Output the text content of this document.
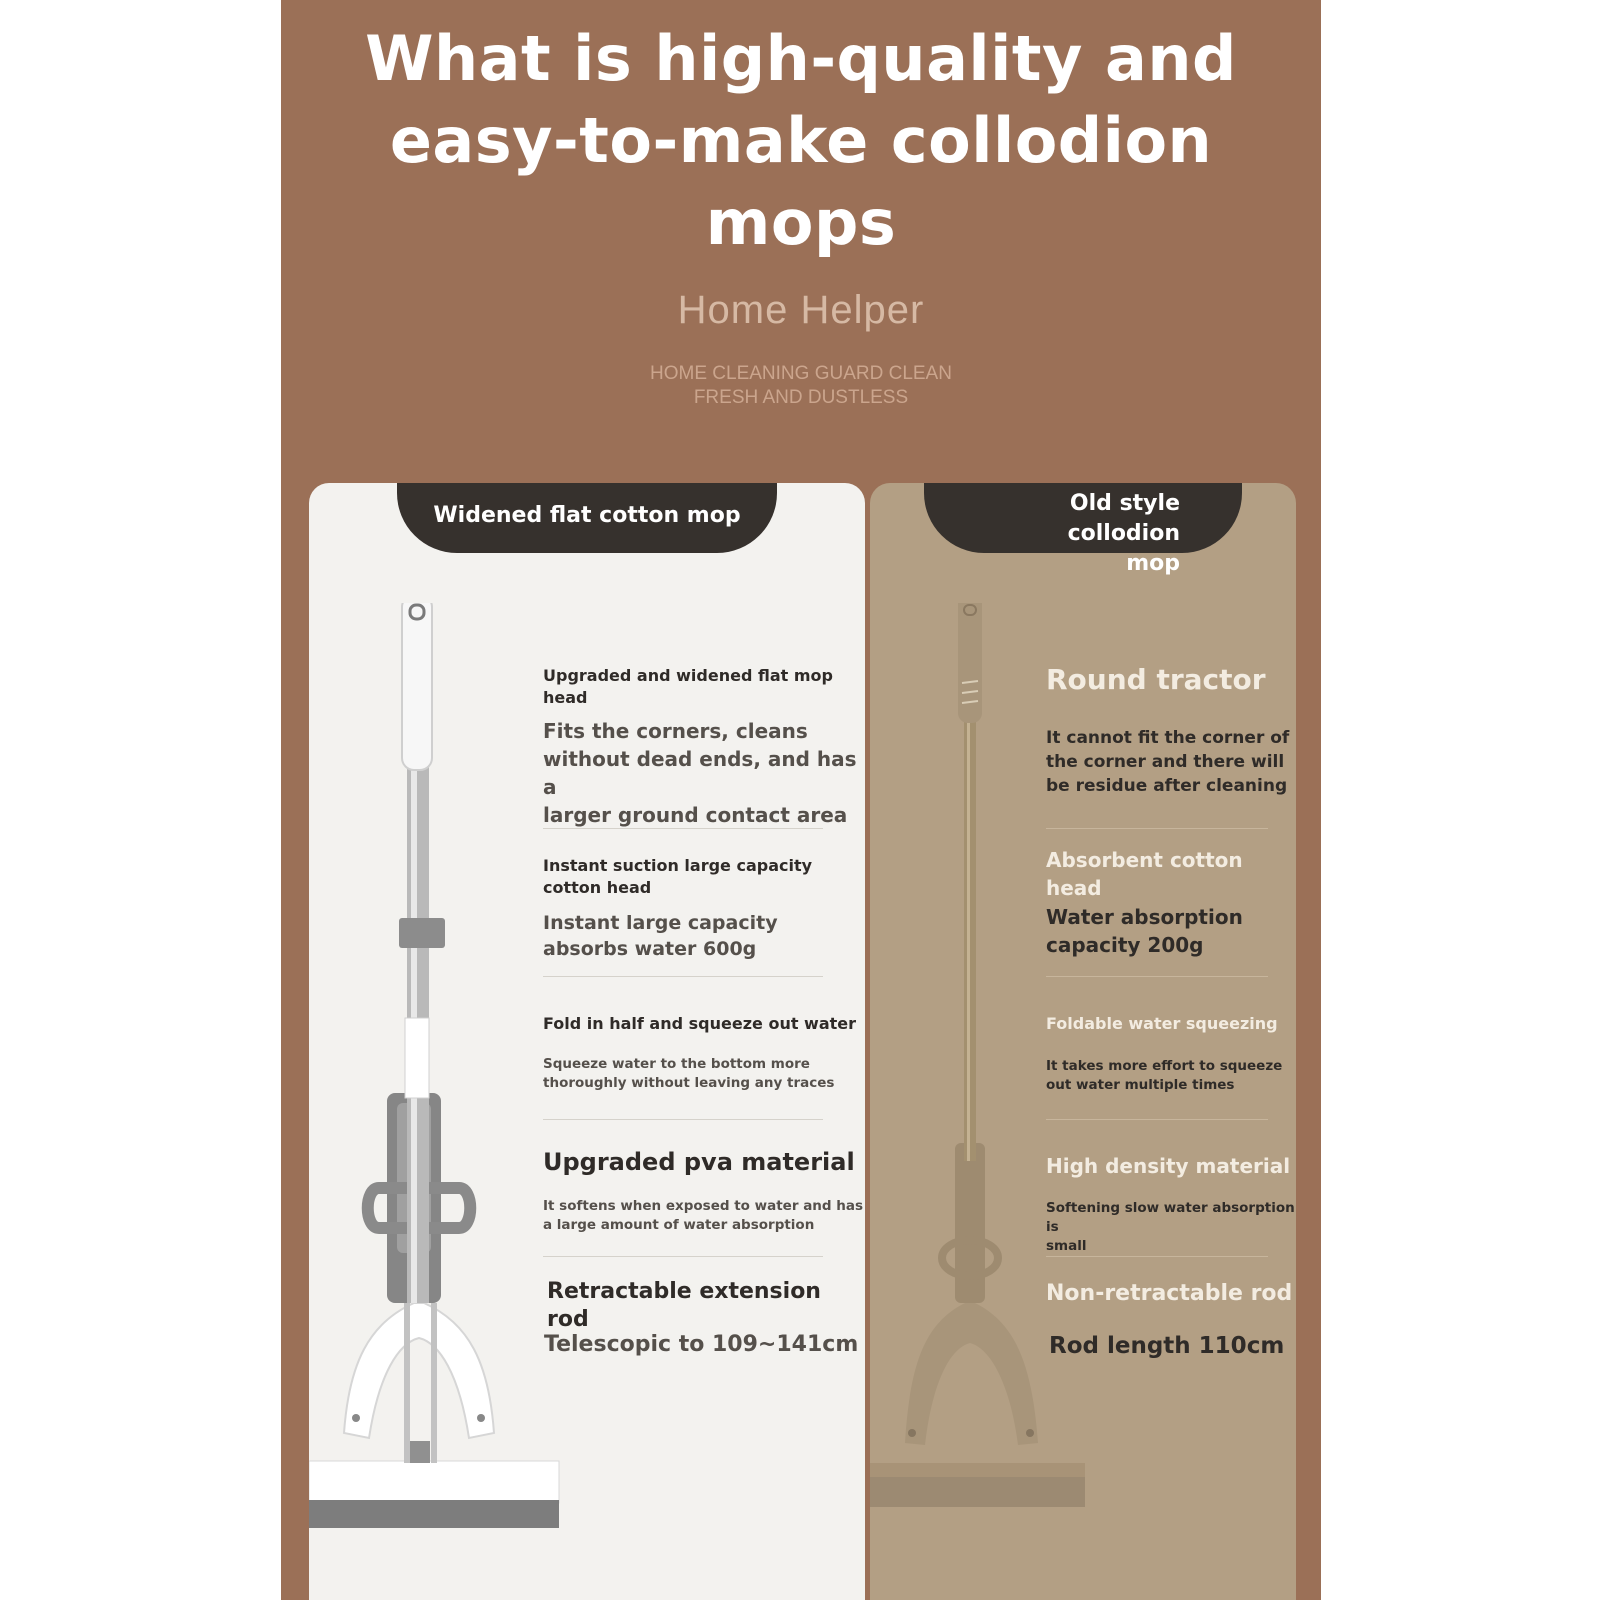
What is high-quality and
easy-to-make collodion
mops

Home Helper

HOME CLEANING GUARD CLEAN
FRESH AND DUSTLESS

Widened flat cotton mop

Upgraded and widened flat mop
head

Fits the corners, cleans
without dead ends, and has a
larger ground contact area

Instant suction large capacity
cotton head

Instant large capacity
absorbs water 600g

Fold in half and squeeze out water

Squeeze water to the bottom more
thoroughly without leaving any traces

Upgraded pva material

It softens when exposed to water and has
a large amount of water absorption

Retractable extension rod

Telescopic to 109~141cm

Old style collodion
mop

Round tractor

It cannot fit the corner of
the corner and there will
be residue after cleaning

Absorbent cotton
head

Water absorption
capacity 200g

Foldable water squeezing

It takes more effort to squeeze
out water multiple times

High density material

Softening slow water absorption is
small

Non-retractable rod

Rod length 110cm
